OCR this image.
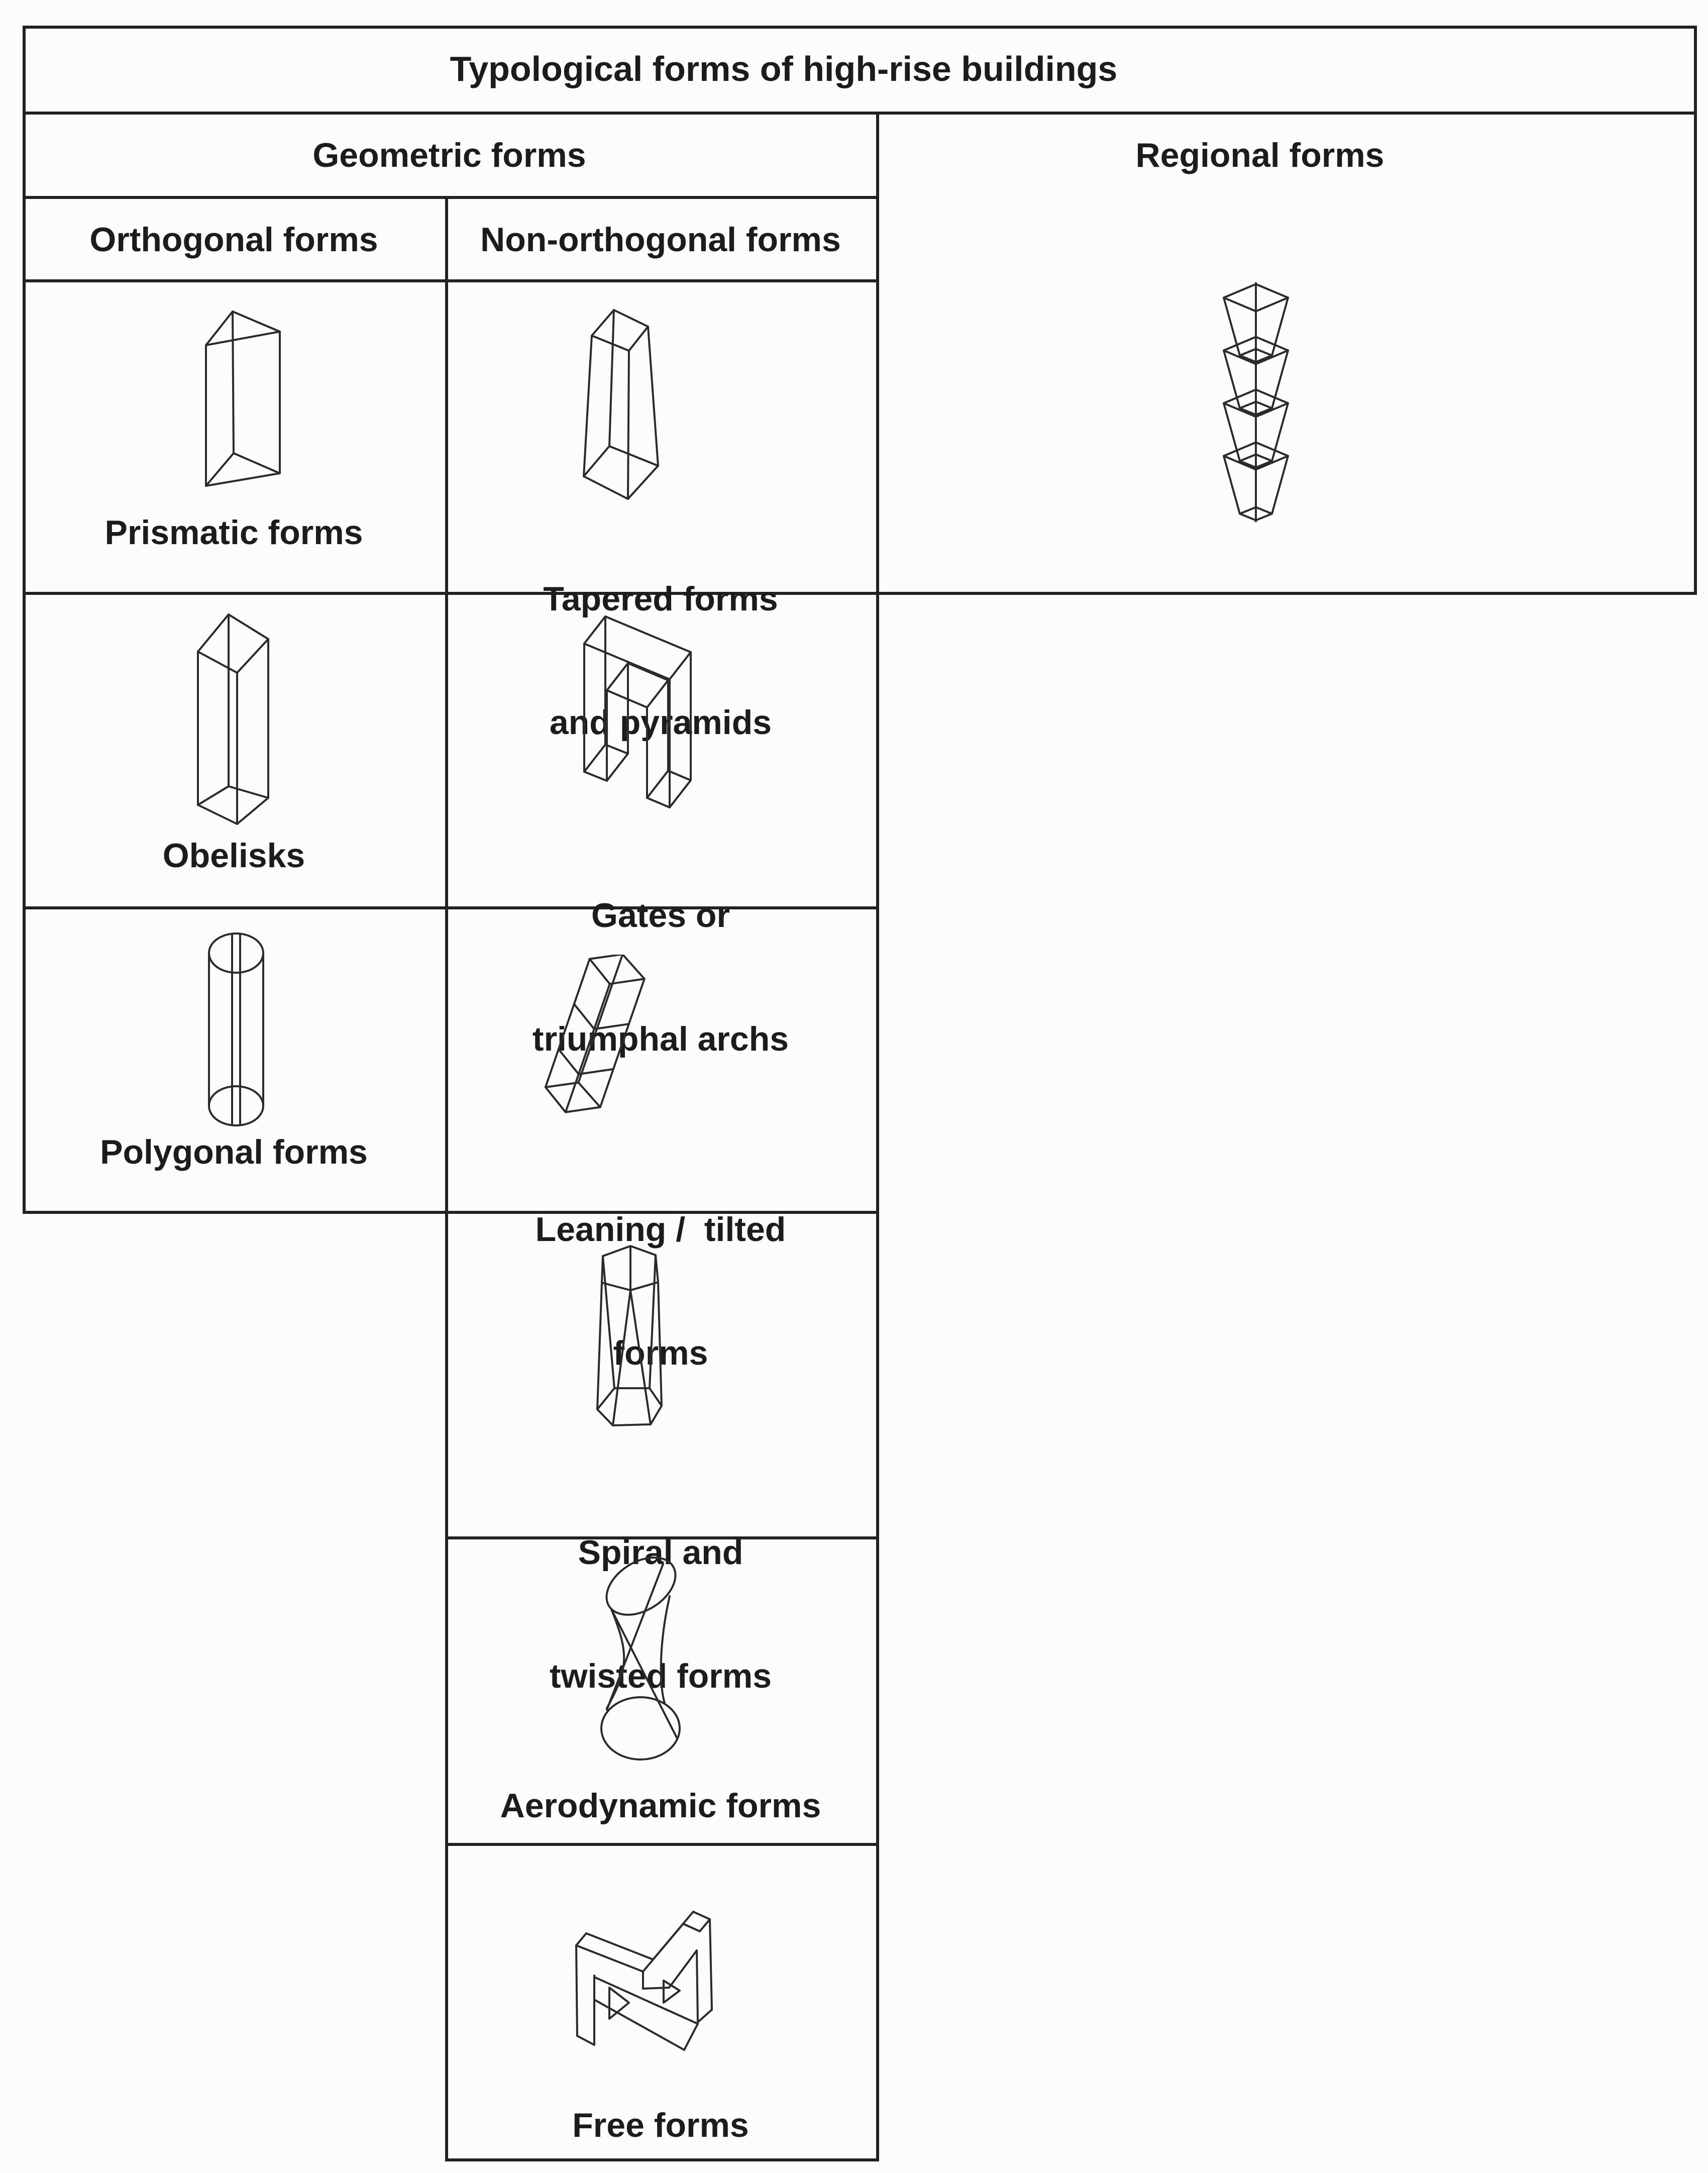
Typological forms of high-rise buildings
Geometric forms	Regional forms
Orthogonal forms	Non-orthogonal forms
Prismatic forms

Tapered forms

and pyramids

Obelisks

Gates or

triumphal archs

Polygonal forms

Leaning /  tilted

forms

Spiral and

twisted forms

Aerodynamic forms
Free forms
